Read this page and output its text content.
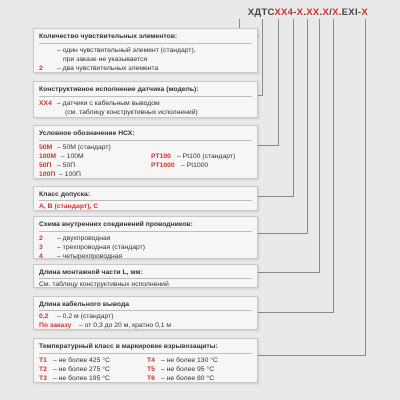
ХДТСХХ4-Х.ХХ.Х/Х.EXI-Х
Количество чувствительных элементов:
– один чувствительный элемент (стандарт),
при заказе не указывается
2 – два чувствительных элемента
Конструктивное исполнение датчика (модель):
ХХ4 – датчики с кабельным выводом
(см. таблицу конструктивных исполнений)
Условное обозначение НСХ:
50М – 50М (стандарт)
100М – 100М	РТ100 – Pt100 (стандарт)
50П – 50П	РТ1000 – Pt1000
100П – 100П
Класс допуска:
А, В (стандарт), С
Схема внутренних соединений проводников:
2 – двухпроводная
3 – трехпроводная (стандарт)
4 – четырехпроводная
Длина монтажной части L, мм:
См. таблицу конструктивных исполнений
Длина кабельного вывода
0,2 – 0,2 м (стандарт)
По заказу – от 0,3 до 20 м, кратно 0,1 м
Температурный класс в маркировке взрывозащиты:
Т1 – не более 425 °С	Т4 – не более 130 °С
Т2 – не более 275 °С	Т5 – не более 95 °С
Т3 – не более 195 °С	Т6 – не более 80 °С
